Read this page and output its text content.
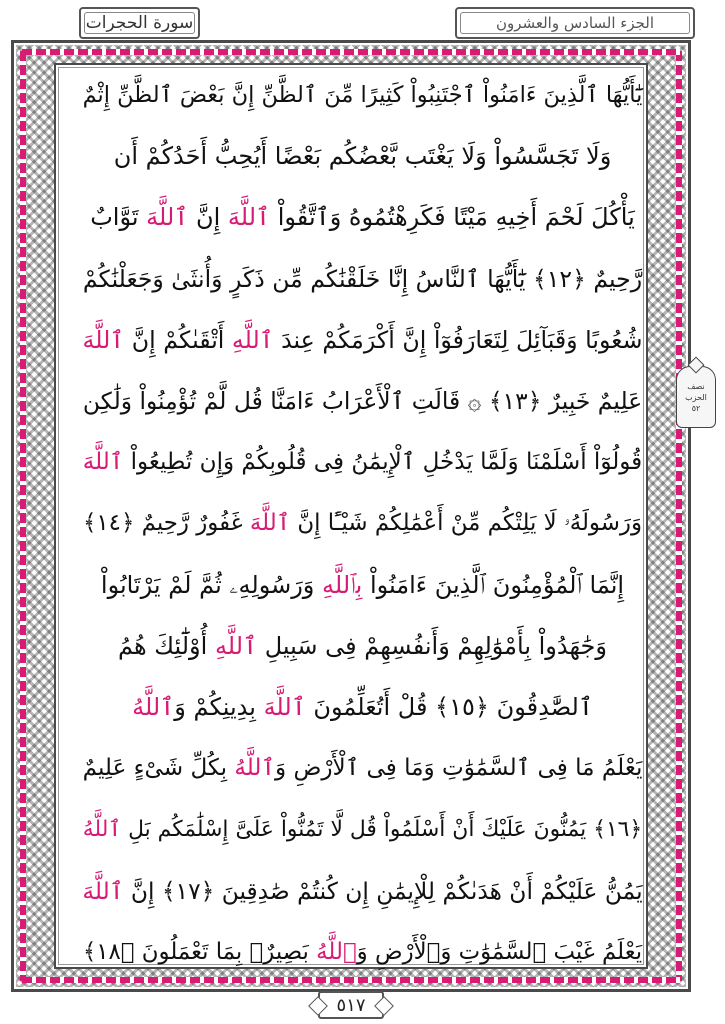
الجزء السادس والعشرون
سورة الحجرات
يَٰٓأَيُّهَا ٱلَّذِينَ ءَامَنُواْ ٱجْتَنِبُواْ كَثِيرًا مِّنَ ٱلظَّنِّ إِنَّ بَعْضَ ٱلظَّنِّ إِثْمٌ
وَلَا تَجَسَّسُواْ وَلَا يَغْتَب بَّعْضُكُم بَعْضًا أَيُحِبُّ أَحَدُكُمْ أَن
يَأْكُلَ لَحْمَ أَخِيهِ مَيْتًا فَكَرِهْتُمُوهُ وَٱتَّقُواْ ٱللَّهَ إِنَّ ٱللَّهَ تَوَّابٌ
رَّحِيمٌ ﴿١٢﴾ يَٰٓأَيُّهَا ٱلنَّاسُ إِنَّا خَلَقْنَٰكُم مِّن ذَكَرٍ وَأُنثَىٰ وَجَعَلْنَٰكُمْ
شُعُوبًا وَقَبَآئِلَ لِتَعَارَفُوٓاْ إِنَّ أَكْرَمَكُمْ عِندَ ٱللَّهِ أَتْقَىٰكُمْ إِنَّ ٱللَّهَ
عَلِيمٌ خَبِيرٌ ﴿١٣﴾ ۞ قَالَتِ ٱلْأَعْرَابُ ءَامَنَّا قُل لَّمْ تُؤْمِنُواْ وَلَٰكِن
قُولُوٓاْ أَسْلَمْنَا وَلَمَّا يَدْخُلِ ٱلْإِيمَٰنُ فِى قُلُوبِكُمْ وَإِن تُطِيعُواْ ٱللَّهَ
وَرَسُولَهُۥ لَا يَلِتْكُم مِّنْ أَعْمَٰلِكُمْ شَيْـًٔا إِنَّ ٱللَّهَ غَفُورٌ رَّحِيمٌ ﴿١٤﴾
إِنَّمَا ٱلْمُؤْمِنُونَ ٱلَّذِينَ ءَامَنُواْ بِٱللَّهِ وَرَسُولِهِۦ ثُمَّ لَمْ يَرْتَابُواْ
وَجَٰهَدُواْ بِأَمْوَٰلِهِمْ وَأَنفُسِهِمْ فِى سَبِيلِ ٱللَّهِ أُوْلَٰٓئِكَ هُمُ
ٱلصَّٰدِقُونَ ﴿١٥﴾ قُلْ أَتُعَلِّمُونَ ٱللَّهَ بِدِينِكُمْ وَٱللَّهُ
يَعْلَمُ مَا فِى ٱلسَّمَٰوَٰتِ وَمَا فِى ٱلْأَرْضِ وَٱللَّهُ بِكُلِّ شَىْءٍ عَلِيمٌ
﴿١٦﴾ يَمُنُّونَ عَلَيْكَ أَنْ أَسْلَمُواْ قُل لَّا تَمُنُّواْ عَلَىَّ إِسْلَٰمَكُم بَلِ ٱللَّهُ
يَمُنُّ عَلَيْكُمْ أَنْ هَدَىٰكُمْ لِلْإِيمَٰنِ إِن كُنتُمْ صَٰدِقِينَ ﴿١٧﴾ إِنَّ ٱللَّهَ
يَعْلَمُ غَيْبَ ٱلسَّمَٰوَٰتِ وَٱلْأَرْضِ وَٱللَّهُ بَصِيرٌۢ بِمَا تَعْمَلُونَ ﴿١٨﴾
نصف
الحزب
٥٢
٥١٧
